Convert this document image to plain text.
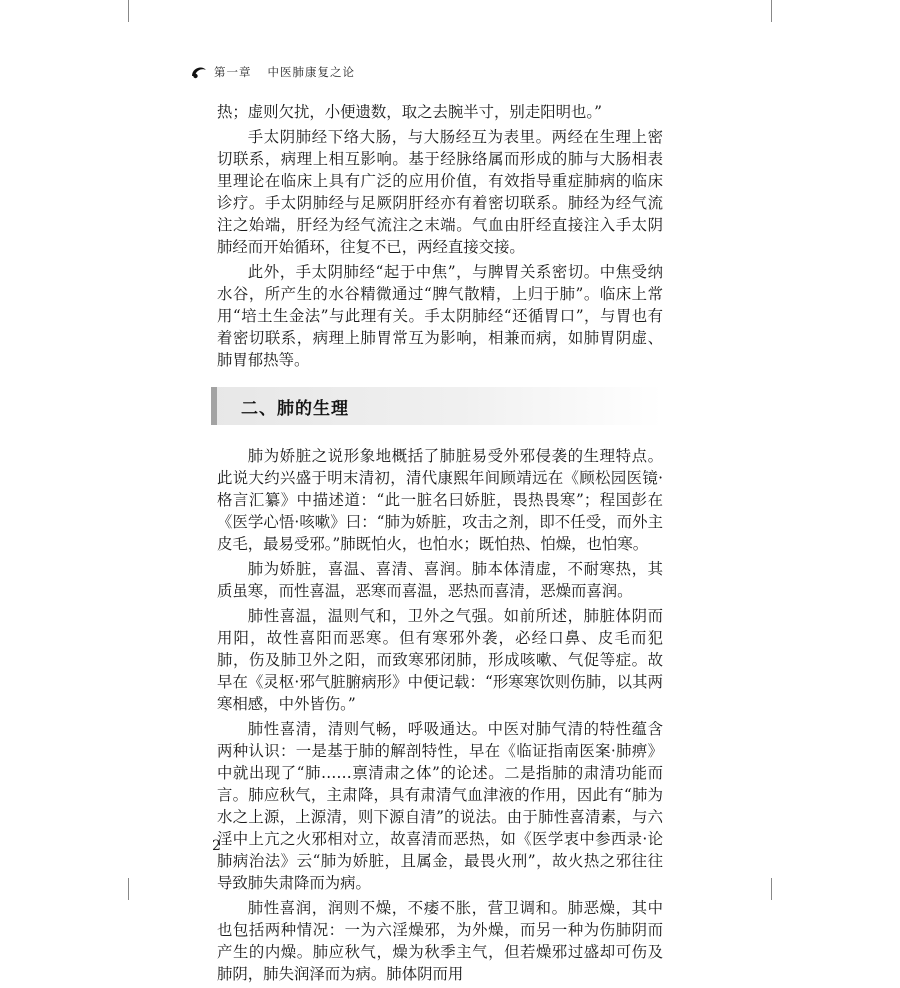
第一章 中医肺康复之论

热；虚则欠扰，小便遗数，取之去腕半寸，别走阳明也。”

手太阴肺经下络大肠，与大肠经互为表里。两经在生理上密切联系，病理上相互影响。基于经脉络属而形成的肺与大肠相表里理论在临床上具有广泛的应用价值，有效指导重症肺病的临床诊疗。手太阴肺经与足厥阴肝经亦有着密切联系。肺经为经气流注之始端，肝经为经气流注之末端。气血由肝经直接注入手太阴肺经而开始循环，往复不已，两经直接交接。

此外，手太阴肺经“起于中焦”，与脾胃关系密切。中焦受纳水谷，所产生的水谷精微通过“脾气散精，上归于肺”。临床上常用“培土生金法”与此理有关。手太阴肺经“还循胃口”，与胃也有着密切联系，病理上肺胃常互为影响，相兼而病，如肺胃阴虚、肺胃郁热等。

二、肺的生理

肺为娇脏之说形象地概括了肺脏易受外邪侵袭的生理特点。此说大约兴盛于明末清初，清代康熙年间顾靖远在《顾松园医镜·格言汇纂》中描述道：“此一脏名曰娇脏，畏热畏寒”；程国彭在《医学心悟·咳嗽》曰：“肺为娇脏，攻击之剂，即不任受，而外主皮毛，最易受邪。”肺既怕火，也怕水；既怕热、怕燥，也怕寒。

肺为娇脏，喜温、喜清、喜润。肺本体清虚，不耐寒热，其质虽寒，而性喜温，恶寒而喜温，恶热而喜清，恶燥而喜润。

肺性喜温，温则气和，卫外之气强。如前所述，肺脏体阴而用阳，故性喜阳而恶寒。但有寒邪外袭，必经口鼻、皮毛而犯肺，伤及肺卫外之阳，而致寒邪闭肺，形成咳嗽、气促等症。故早在《灵枢·邪气脏腑病形》中便记载：“形寒寒饮则伤肺，以其两寒相感，中外皆伤。”

肺性喜清，清则气畅，呼吸通达。中医对肺气清的特性蕴含两种认识：一是基于肺的解剖特性，早在《临证指南医案·肺痹》中就出现了“肺……禀清肃之体”的论述。二是指肺的肃清功能而言。肺应秋气，主肃降，具有肃清气血津液的作用，因此有“肺为水之上源，上源清，则下源自清”的说法。由于肺性喜清素，与六淫中上亢之火邪相对立，故喜清而恶热，如《医学衷中参西录·论肺病治法》云“肺为娇脏，且属金，最畏火刑”，故火热之邪往往导致肺失肃降而为病。

肺性喜润，润则不燥，不痿不胀，营卫调和。肺恶燥，其中也包括两种情况：一为六淫燥邪，为外燥，而另一种为伤肺阴而产生的内燥。肺应秋气，燥为秋季主气，但若燥邪过盛却可伤及肺阴，肺失润泽而为病。肺体阴而用

2
